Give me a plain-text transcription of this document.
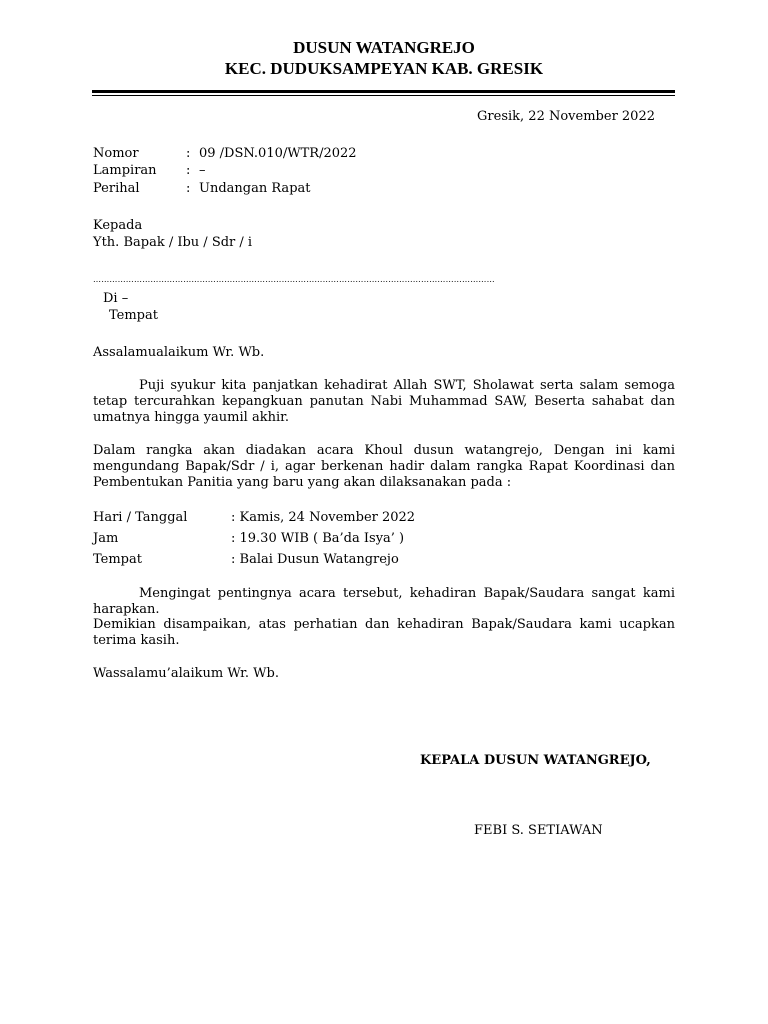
DUSUN WATANGREJO
KEC. DUDUKSAMPEYAN KAB. GRESIK
Gresik, 22 November 2022
Nomor	: 09 /DSN.010/WTR/2022
Lampiran : –
Perihal	: Undangan Rapat
Kepada
Yth. Bapak / Ibu / Sdr / i
…………………………………………………………………………………………………………………………………
Di –
Tempat
Assalamualaikum Wr. Wb.
Puji syukur kita panjatkan kehadirat Allah SWT, Sholawat serta salam semoga tetap tercurahkan kepangkuan panutan Nabi Muhammad SAW, Beserta sahabat dan umatnya hingga yaumil akhir.
Dalam rangka akan diadakan acara Khoul dusun watangrejo, Dengan ini kami mengundang Bapak/Sdr / i, agar berkenan hadir dalam rangka Rapat Koordinasi dan Pembentukan Panitia yang baru yang akan dilaksanakan pada :
Hari / Tanggal	: Kamis, 24 November 2022
Jam	: 19.30 WIB ( Ba’da Isya’ )
Tempat	: Balai Dusun Watangrejo
Mengingat pentingnya acara tersebut, kehadiran Bapak/Saudara sangat kami harapkan.
Demikian disampaikan, atas perhatian dan kehadiran Bapak/Saudara kami ucapkan terima kasih.
Wassalamu’alaikum Wr. Wb.
KEPALA DUSUN WATANGREJO,
FEBI S. SETIAWAN
